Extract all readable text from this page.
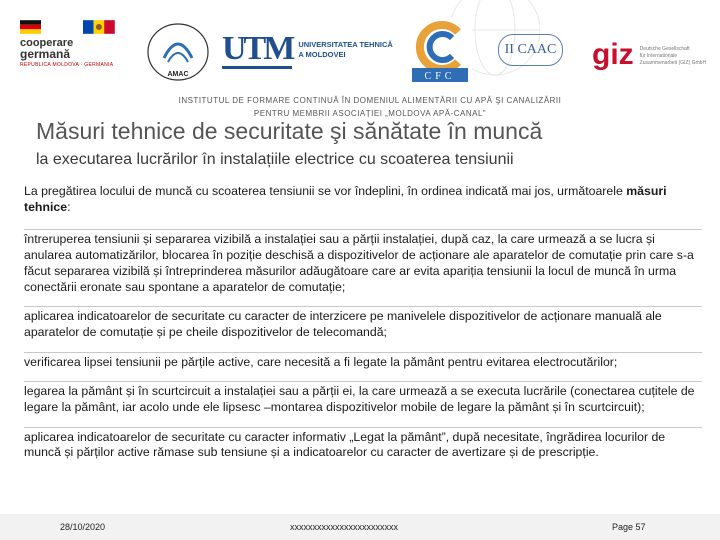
cooperare
germană
REPUBLICA MOLDOVA · GERMANIA
AMAC
UTM UNIVERSITATEA TEHNICĂ
A MOLDOVEI
CFC
II CAAC giz Deutsche Gesellschaft
für Internationale
Zusammenarbeit (GIZ) GmbH
INSTITUTUL DE FORMARE CONTINUĂ ÎN DOMENIUL ALIMENTĂRII CU APĂ ŞI CANALIZĂRII
PENTRU MEMBRII ASOCIAȚIEI „MOLDOVA APĂ-CANAL”
Măsuri tehnice de securitate şi sănătate în muncă
la executarea lucrărilor în instalațiile electrice cu scoaterea tensiunii

La pregătirea locului de muncă cu scoaterea tensiunii se vor îndeplini, în ordinea indicată mai jos, următoarele măsuri tehnice:

întreruperea tensiunii și separarea vizibilă a instalației sau a părții instalației, după caz, la care urmează a se lucra și anularea automatizărilor, blocarea în poziție deschisă a dispozitivelor de acționare ale aparatelor de comutație prin care s-a făcut separarea vizibilă și întreprinderea măsurilor adăugătoare care ar evita apariția tensiunii la locul de muncă în urma conectării eronate sau spontane a aparatelor de comutație;

aplicarea indicatoarelor de securitate cu caracter de interzicere pe manivelele dispozitivelor de acționare manuală ale aparatelor de comutație și pe cheile dispozitivelor de telecomandă;

verificarea lipsei tensiunii pe părțile active, care necesită a fi legate la pământ pentru evitarea electrocutărilor;

legarea la pământ și în scurtcircuit a instalației sau a părții ei, la care urmează a se executa lucrările (conectarea cuțitele de legare la pământ, iar acolo unde ele lipsesc –montarea dispozitivelor mobile de legare la pământ și în scurtcircuit);

aplicarea indicatoarelor de securitate cu caracter informativ „Legat la pământ”, după necesitate, îngrădirea locurilor de muncă și părților active rămase sub tensiune și a indicatoarelor cu caracter de avertizare și de prescripție.

28/10/2020	xxxxxxxxxxxxxxxxxxxxxxxx	Page 57
